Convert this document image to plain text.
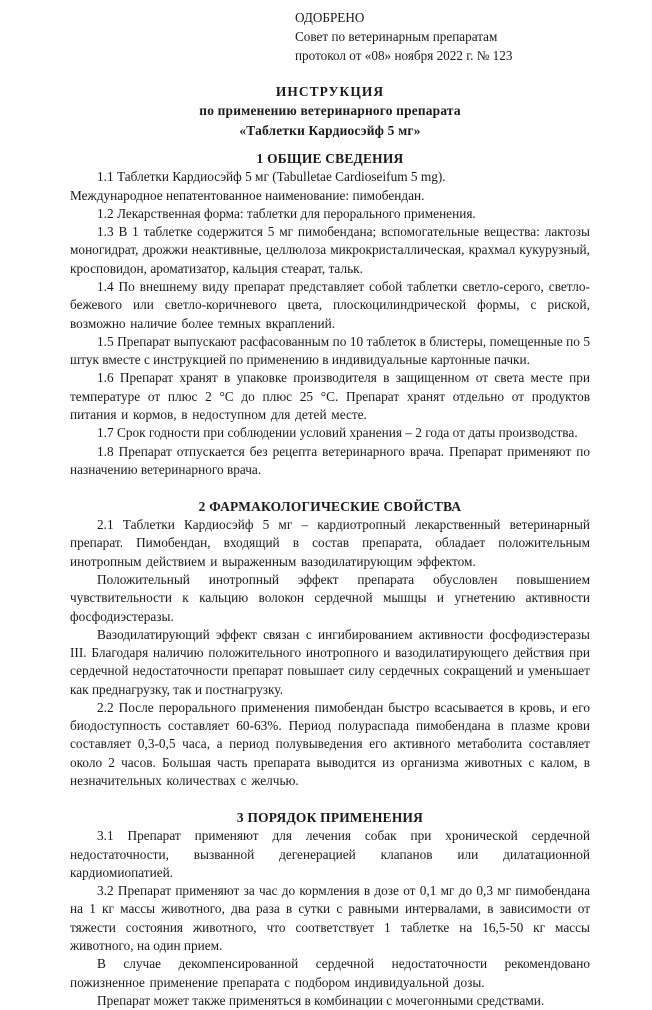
ОДОБРЕНО
Совет по ветеринарным препаратам
протокол от «08» ноября 2022 г. № 123
ИНСТРУКЦИЯ
по применению ветеринарного препарата
«Таблетки Кардиосэйф 5 мг»
1 ОБЩИЕ СВЕДЕНИЯ

1.1 Таблетки Кардиосэйф 5 мг (Tabulletae Cardioseifum 5 mg).

Международное непатентованное наименование: пимобендан.

1.2 Лекарственная форма: таблетки для перорального применения.

1.3 В 1 таблетке содержится 5 мг пимобендана; вспомогательные вещества: лактозы моногидрат, дрожжи неактивные, целлюлоза микрокристаллическая, крахмал кукурузный, кросповидон, ароматизатор, кальция стеарат, тальк.

1.4 По внешнему виду препарат представляет собой таблетки светло-серого, светло-бежевого или светло-коричневого цвета, плоскоцилиндрической формы, с риской, возможно наличие более темных вкраплений.

1.5 Препарат выпускают расфасованным по 10 таблеток в блистеры, помещенные по 5 штук вместе с инструкцией по применению в индивидуальные картонные пачки.

1.6 Препарат хранят в упаковке производителя в защищенном от света месте при температуре от плюс 2 °С до плюс 25 °С. Препарат хранят отдельно от продуктов питания и кормов, в недоступном для детей месте.

1.7 Срок годности при соблюдении условий хранения – 2 года от даты производства.

1.8 Препарат отпускается без рецепта ветеринарного врача. Препарат применяют по назначению ветеринарного врача.

2 ФАРМАКОЛОГИЧЕСКИЕ СВОЙСТВА

2.1 Таблетки Кардиосэйф 5 мг – кардиотропный лекарственный ветеринарный препарат. Пимобендан, входящий в состав препарата, обладает положительным инотропным действием и выраженным вазодилатирующим эффектом.

Положительный инотропный эффект препарата обусловлен повышением чувствительности к кальцию волокон сердечной мышцы и угнетению активности фосфодиэстеразы.

Вазодилатирующий эффект связан с ингибированием активности фосфодиэстеразы III. Благодаря наличию положительного инотропного и вазодилатирующего действия при сердечной недостаточности препарат повышает силу сердечных сокращений и уменьшает как преднагрузку, так и постнагрузку.

2.2 После перорального применения пимобендан быстро всасывается в кровь, и его биодоступность составляет 60-63%. Период полураспада пимобендана в плазме крови составляет 0,3-0,5 часа, а период полувыведения его активного метаболита составляет около 2 часов. Большая часть препарата выводится из организма животных с калом, в незначительных количествах с желчью.

3 ПОРЯДОК ПРИМЕНЕНИЯ

3.1 Препарат применяют для лечения собак при хронической сердечной недостаточности, вызванной дегенерацией клапанов или дилатационной кардиомиопатией.

3.2 Препарат применяют за час до кормления в дозе от 0,1 мг до 0,3 мг пимобендана на 1 кг массы животного, два раза в сутки с равными интервалами, в зависимости от тяжести состояния животного, что соответствует 1 таблетке на 16,5-50 кг массы животного, на один прием.

В случае декомпенсированной сердечной недостаточности рекомендовано пожизненное применение препарата с подбором индивидуальной дозы.

Препарат может также применяться в комбинации с мочегонными средствами.
